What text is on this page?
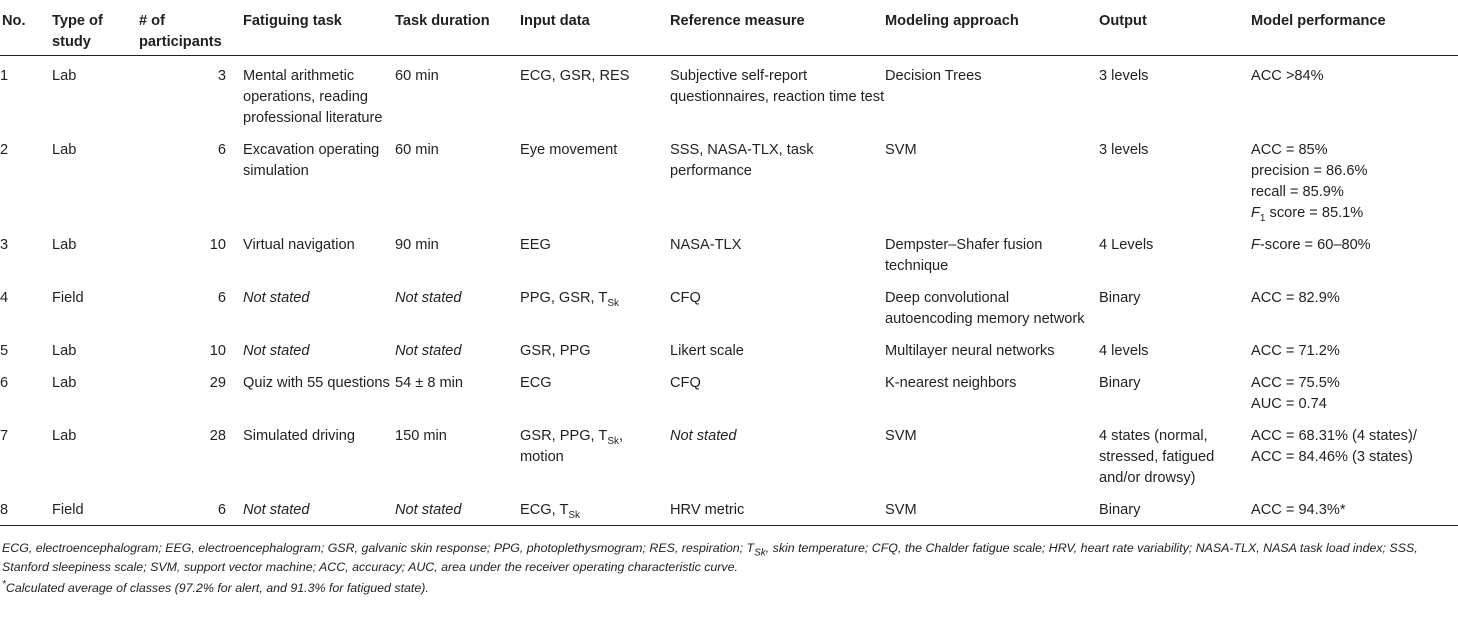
No.	Type of study	# of participants	Fatiguing task	Task duration	Input data	Reference measure	Modeling approach	Output	Model performance
1	Lab	3	Mental arithmetic operations, reading professional literature	60 min	ECG, GSR, RES	Subjective self-report questionnaires, reaction time test	Decision Trees	3 levels	ACC >84%

2	Lab	6	Excavation operating simulation	60 min	Eye movement	SSS, NASA-TLX, task performance	SVM	3 levels	ACC = 85%
precision = 86.6%
recall = 85.9%
$F_1$ score = 85.1%

3	Lab	10	Virtual navigation	90 min	EEG	NASA-TLX	Dempster–Shafer fusion technique	4 Levels	F-score = 60–80%

4	Field	6	Not stated	Not stated	PPG, GSR, $T_{Sk}$	CFQ	Deep convolutional autoencoding memory network	Binary	ACC = 82.9%

5	Lab	10	Not stated	Not stated	GSR, PPG	Likert scale	Multilayer neural networks	4 levels	ACC = 71.2%

6	Lab	29	Quiz with 55 questions	54 ± 8 min	ECG	CFQ	K-nearest neighbors	Binary	ACC = 75.5%
AUC = 0.74

7	Lab	28	Simulated driving	150 min	GSR, PPG, $T_{Sk}$, motion	Not stated	SVM	4 states (normal, stressed, fatigued and/or drowsy)	ACC = 68.31% (4 states)/
ACC = 84.46% (3 states)

8	Field	6	Not stated	Not stated	ECG, $T_{Sk}$	HRV metric	SVM	Binary	ACC = 94.3%*
ECG, electroencephalogram; EEG, electroencephalogram; GSR, galvanic skin response; PPG, photoplethysmogram; RES, respiration; $T_{Sk}$, skin temperature; CFQ, the Chalder fatigue scale; HRV, heart rate variability; NASA-TLX, NASA task load index; SSS, Stanford sleepiness scale; SVM, support vector machine; ACC, accuracy; AUC, area under the receiver operating characteristic curve.
*Calculated average of classes (97.2% for alert, and 91.3% for fatigued state).
